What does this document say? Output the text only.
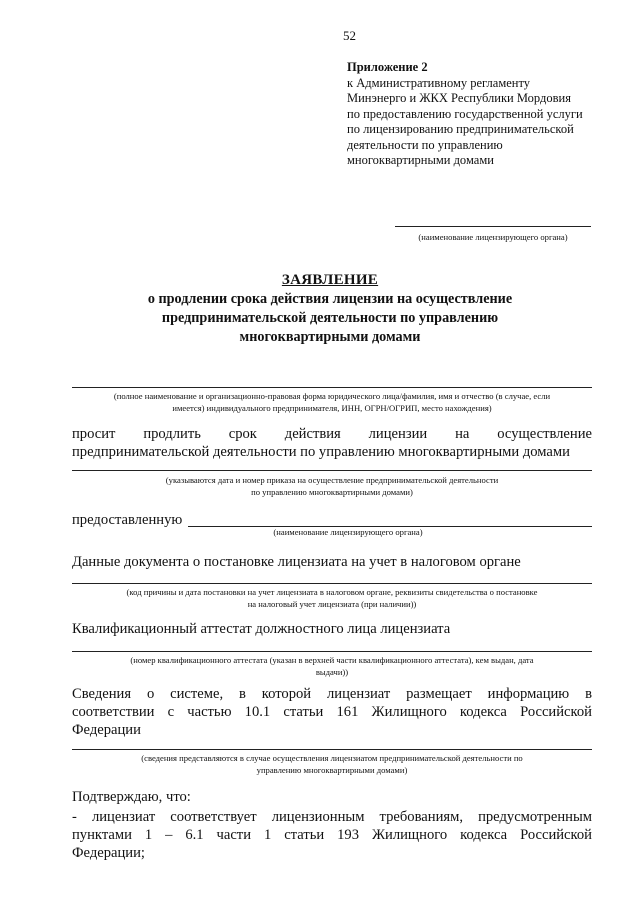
52
Приложение 2
к Административному регламенту
Минэнерго и ЖКХ Республики Мордовия
по предоставлению государственной услуги
по лицензированию предпринимательской
деятельности по управлению
многоквартирными домами
(наименование лицензирующего органа)
ЗАЯВЛЕНИЕ
о продлении срока действия лицензии на осуществление
предпринимательской деятельности по управлению
многоквартирными домами
(полное наименование и организационно-правовая форма юридического лица/фамилия, имя и отчество (в случае, если
имеется) индивидуального предпринимателя, ИНН, ОГРН/ОГРИП, место нахождения)
просит продлить срок действия лицензии на осуществление
предпринимательской деятельности по управлению многоквартирными домами
(указываются дата и номер приказа на осуществление предпринимательской деятельности
по управлению многоквартирными домами)
предоставленную
(наименование лицензирующего органа)
Данные документа о постановке лицензиата на учет в налоговом органе
(код причины и дата постановки на учет лицензиата в налоговом органе, реквизиты свидетельства о постановке
на налоговый учет лицензиата (при наличии))
Квалификационный аттестат должностного лица лицензиата
(номер квалификационного аттестата (указан в верхней части квалификационного аттестата), кем выдан, дата
выдачи))
Сведения о системе, в которой лицензиат размещает информацию в
соответствии с частью 10.1 статьи 161 Жилищного кодекса Российской
Федерации
(сведения представляются в случае осуществления лицензиатом предпринимательской деятельности по
управлению многоквартирными домами)
Подтверждаю, что:
- лицензиат соответствует лицензионным требованиям, предусмотренным
пунктами 1 – 6.1 части 1 статьи 193 Жилищного кодекса Российской
Федерации;
